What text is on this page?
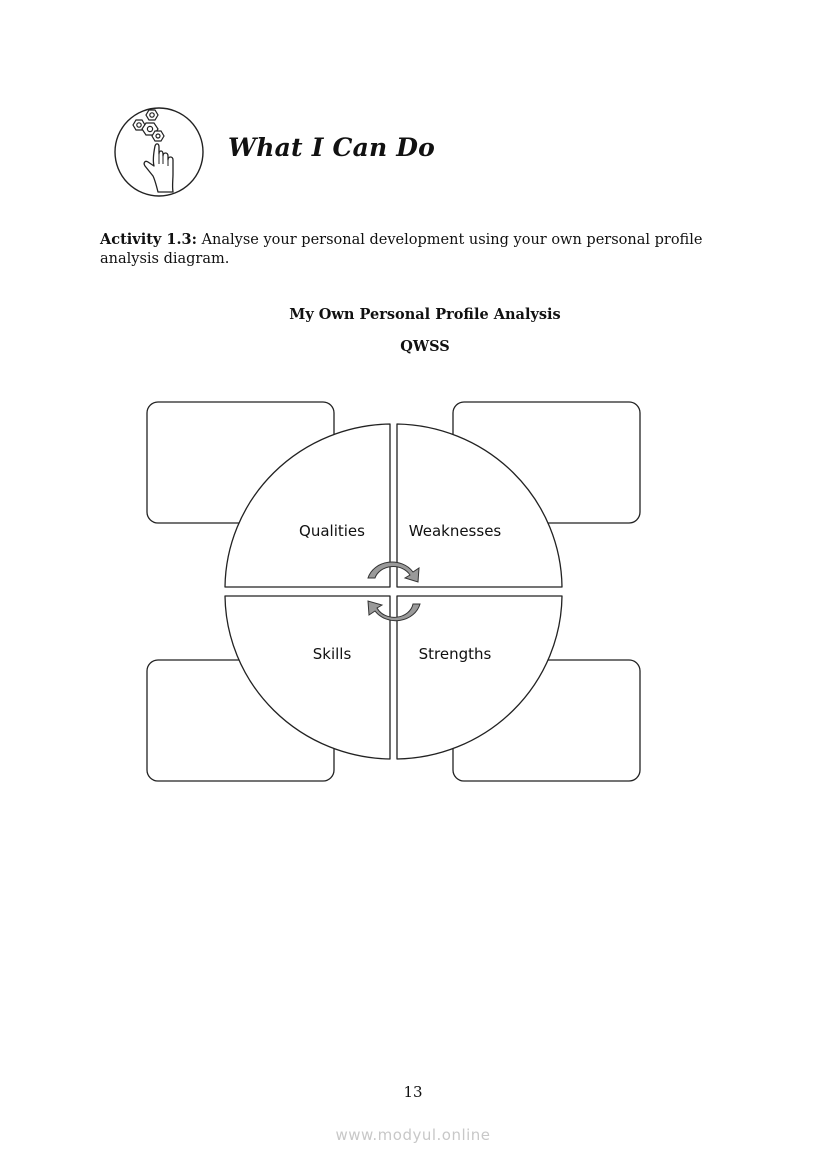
What I Can Do
Activity 1.3: Analyse your personal development using your own personal profile analysis diagram.
My Own Personal Profile Analysis
QWSS
Qualities	Weaknesses
Skills	Strengths
13
www.modyul.online
